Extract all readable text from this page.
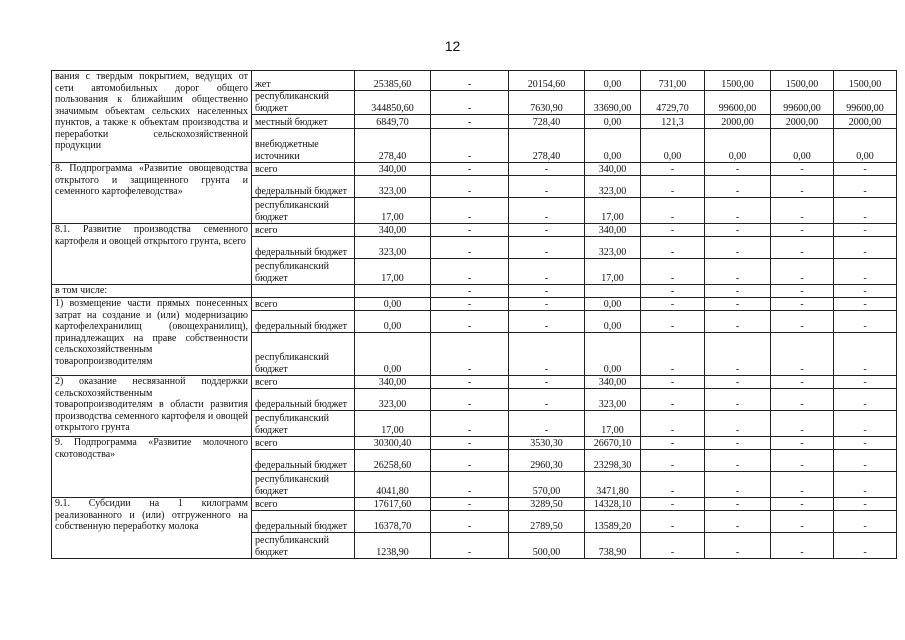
12
вания с твердым покрытием, ведущих от сети автомобильных дорог общего пользования к ближайшим общественно значимым объектам сельских населенных пунктов, а также к объектам производства и переработки сельскохозяйственной продукции	жет	25385,60	-	20154,60	0,00	731,00	1500,00	1500,00	1500,00
	республиканский бюджет	344850,60	-	7630,90	33690,00	4729,70	99600,00	99600,00	99600,00
	местный бюджет	6849,70	-	728,40	0,00	121,3	2000,00	2000,00	2000,00
	внебюджетные источники	278,40	-	278,40	0,00	0,00	0,00	0,00	0,00
8. Подпрограмма «Развитие овощеводства открытого и защищенного грунта и семенного картофелеводства»	всего	340,00	-	-	340,00	-	-	-	-
	федеральный бюджет	323,00	-	-	323,00	-	-	-	-
	республиканский бюджет	17,00	-	-	17,00	-	-	-	-
8.1. Развитие производства семенного картофеля и овощей открытого грунта, всего	всего	340,00	-	-	340,00	-	-	-	-
	федеральный бюджет	323,00	-	-	323,00	-	-	-	-
	республиканский бюджет	17,00	-	-	17,00	-	-	-	-
в том числе:			-	-		-	-	-	-
1) возмещение части прямых понесенных затрат на создание и (или) модернизацию картофелехранилищ (овощехранилищ), принадлежащих на праве собственности сельскохозяйственным товаропроизводителям	всего	0,00	-	-	0,00	-	-	-	-
	федеральный бюджет	0,00	-	-	0,00	-	-	-	-
	республиканский бюджет	0,00	-	-	0,00	-	-	-	-
2) оказание несвязанной поддержки сельскохозяйственным товаропроизводителям в области развития производства семенного картофеля и овощей открытого грунта	всего	340,00	-	-	340,00	-	-	-	-
	федеральный бюджет	323,00	-	-	323,00	-	-	-	-
	республиканский бюджет	17,00	-	-	17,00	-	-	-	-
9. Подпрограмма «Развитие молочного скотоводства»	всего	30300,40	-	3530,30	26670,10	-	-	-	-
	федеральный бюджет	26258,60	-	2960,30	23298,30	-	-	-	-
	республиканский бюджет	4041,80	-	570,00	3471,80	-	-	-	-
9.1. Субсидии на 1 килограмм реализованного и (или) отгруженного на собственную переработку молока	всего	17617,60	-	3289,50	14328,10	-	-	-	-
	федеральный бюджет	16378,70	-	2789,50	13589,20	-	-	-	-
	республиканский бюджет	1238,90	-	500,00	738,90	-	-	-	-
